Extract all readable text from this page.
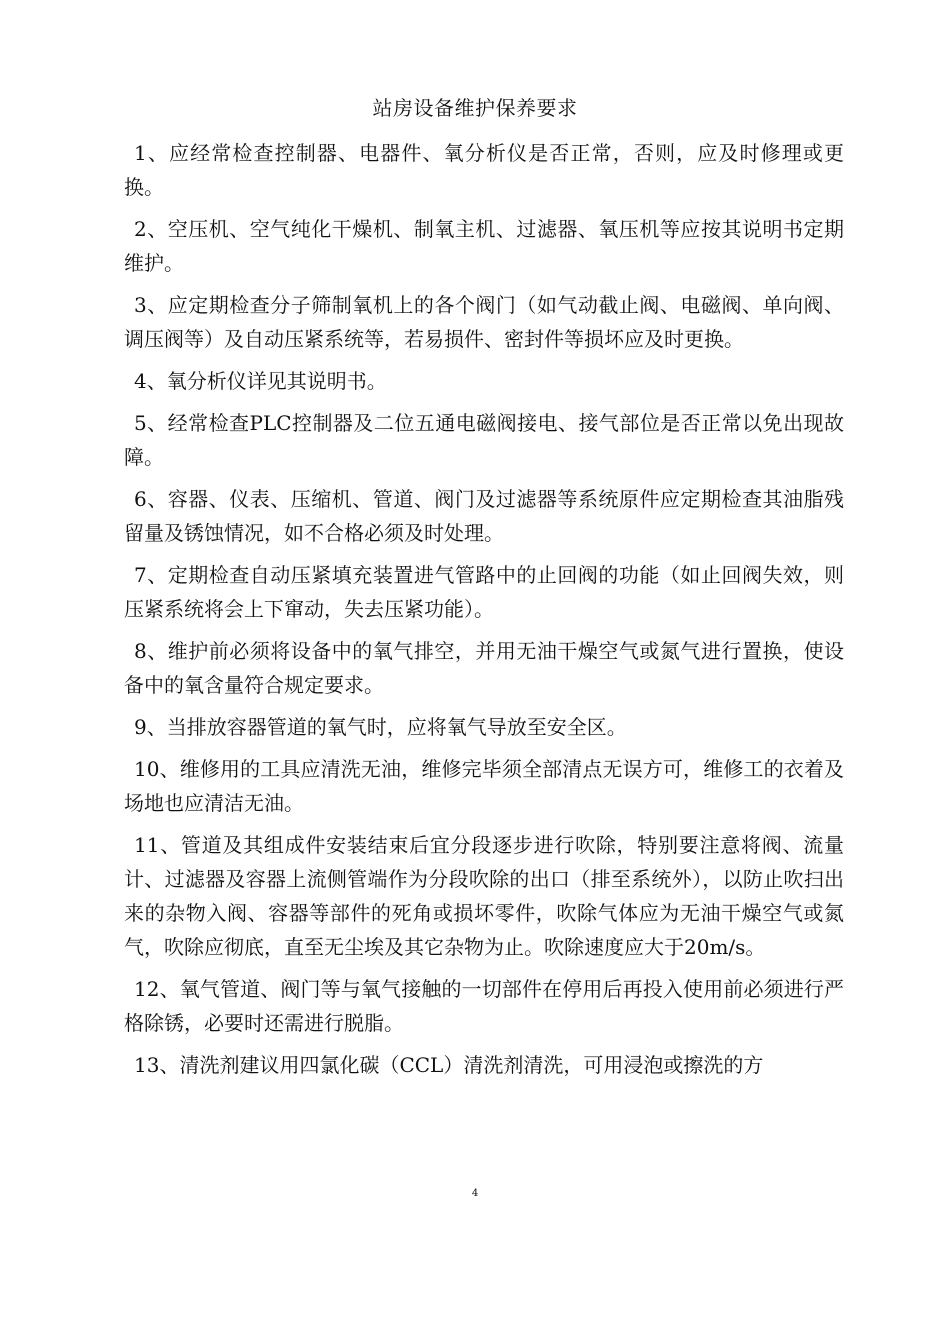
站房设备维护保养要求

1、应经常检查控制器、电器件、氧分析仪是否正常，否则，应及时修理或更换。

2、空压机、空气纯化干燥机、制氧主机、过滤器、氧压机等应按其说明书定期维护。

3、应定期检查分子筛制氧机上的各个阀门（如气动截止阀、电磁阀、单向阀、调压阀等）及自动压紧系统等，若易损件、密封件等损坏应及时更换。

4、氧分析仪详见其说明书。

5、经常检查PLC控制器及二位五通电磁阀接电、接气部位是否正常以免出现故障。

6、容器、仪表、压缩机、管道、阀门及过滤器等系统原件应定期检查其油脂残留量及锈蚀情况，如不合格必须及时处理。

7、定期检查自动压紧填充装置进气管路中的止回阀的功能（如止回阀失效，则压紧系统将会上下窜动，失去压紧功能）。

8、维护前必须将设备中的氧气排空，并用无油干燥空气或氮气进行置换，使设备中的氧含量符合规定要求。

9、当排放容器管道的氧气时，应将氧气导放至安全区。

10、维修用的工具应清洗无油，维修完毕须全部清点无误方可，维修工的衣着及场地也应清洁无油。

11、管道及其组成件安装结束后宜分段逐步进行吹除，特别要注意将阀、流量计、过滤器及容器上流侧管端作为分段吹除的出口（排至系统外），以防止吹扫出来的杂物入阀、容器等部件的死角或损坏零件，吹除气体应为无油干燥空气或氮气，吹除应彻底，直至无尘埃及其它杂物为止。吹除速度应大于20m/s。

12、氧气管道、阀门等与氧气接触的一切部件在停用后再投入使用前必须进行严格除锈，必要时还需进行脱脂。

13、清洗剂建议用四氯化碳（CCL）清洗剂清洗，可用浸泡或擦洗的方

4
